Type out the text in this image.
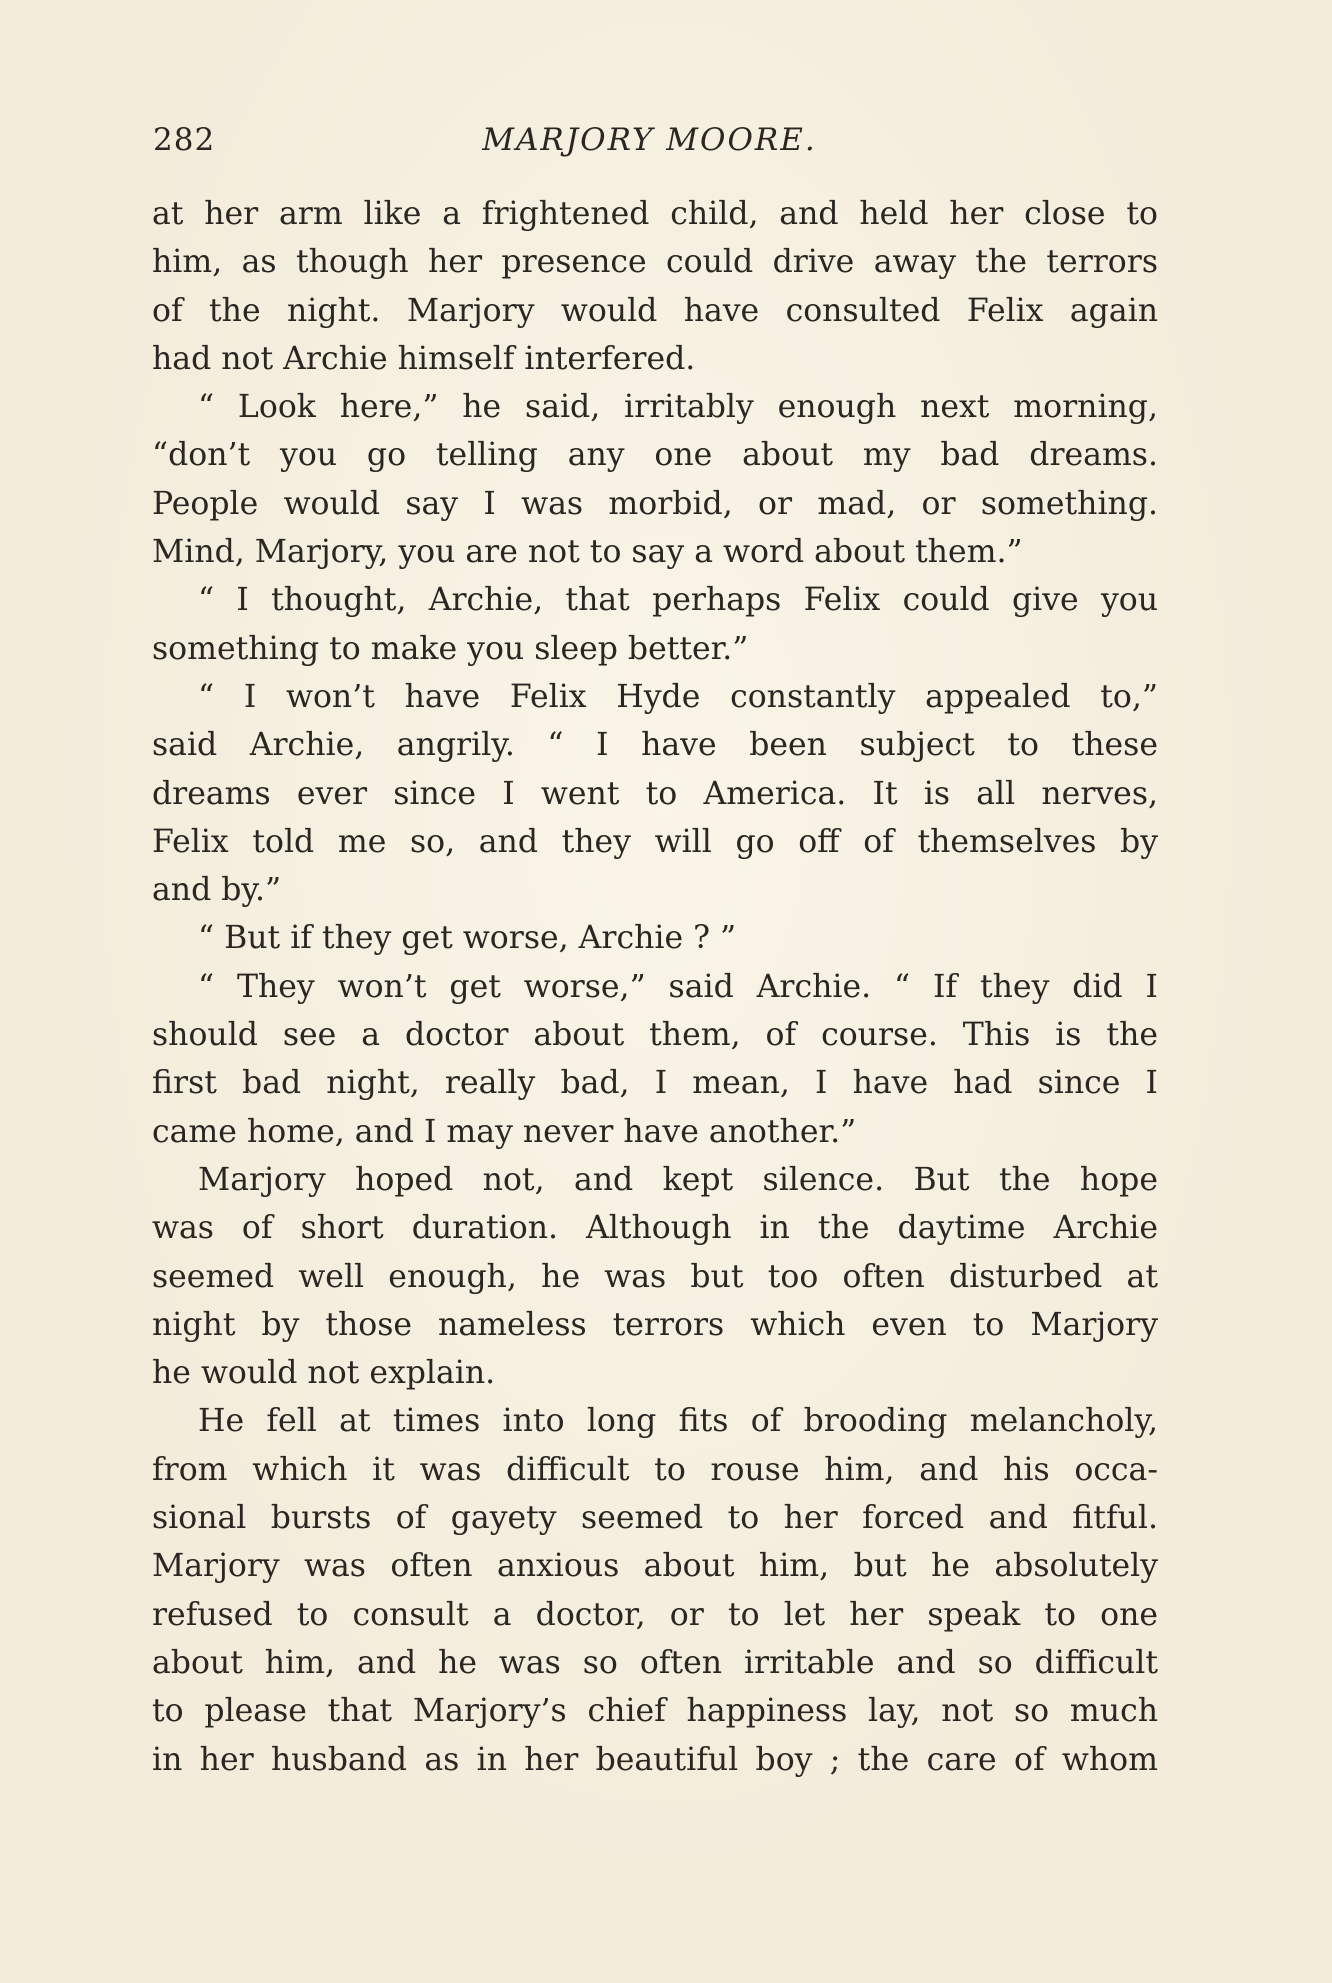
282	MARJORY MOORE.
at her arm like a frightened child, and held her close to
him, as though her presence could drive away the terrors
of the night. Marjory would have consulted Felix again
had not Archie himself interfered.
“ Look here,” he said, irritably enough next morning,
“don’t you go telling any one about my bad dreams.
People would say I was morbid, or mad, or something.
Mind, Marjory, you are not to say a word about them.”
“ I thought, Archie, that perhaps Felix could give you
something to make you sleep better.”
“ I won’t have Felix Hyde constantly appealed to,”
said Archie, angrily. “ I have been subject to these
dreams ever since I went to America. It is all nerves,
Felix told me so, and they will go off of themselves by
and by.”
“ But if they get worse, Archie ? ”
“ They won’t get worse,” said Archie. “ If they did I
should see a doctor about them, of course. This is the
first bad night, really bad, I mean, I have had since I
came home, and I may never have another.”
Marjory hoped not, and kept silence. But the hope
was of short duration. Although in the daytime Archie
seemed well enough, he was but too often disturbed at
night by those nameless terrors which even to Marjory
he would not explain.
He fell at times into long fits of brooding melancholy,
from which it was difficult to rouse him, and his occa-
sional bursts of gayety seemed to her forced and fitful.
Marjory was often anxious about him, but he absolutely
refused to consult a doctor, or to let her speak to one
about him, and he was so often irritable and so difficult
to please that Marjory’s chief happiness lay, not so much
in her husband as in her beautiful boy ; the care of whom
